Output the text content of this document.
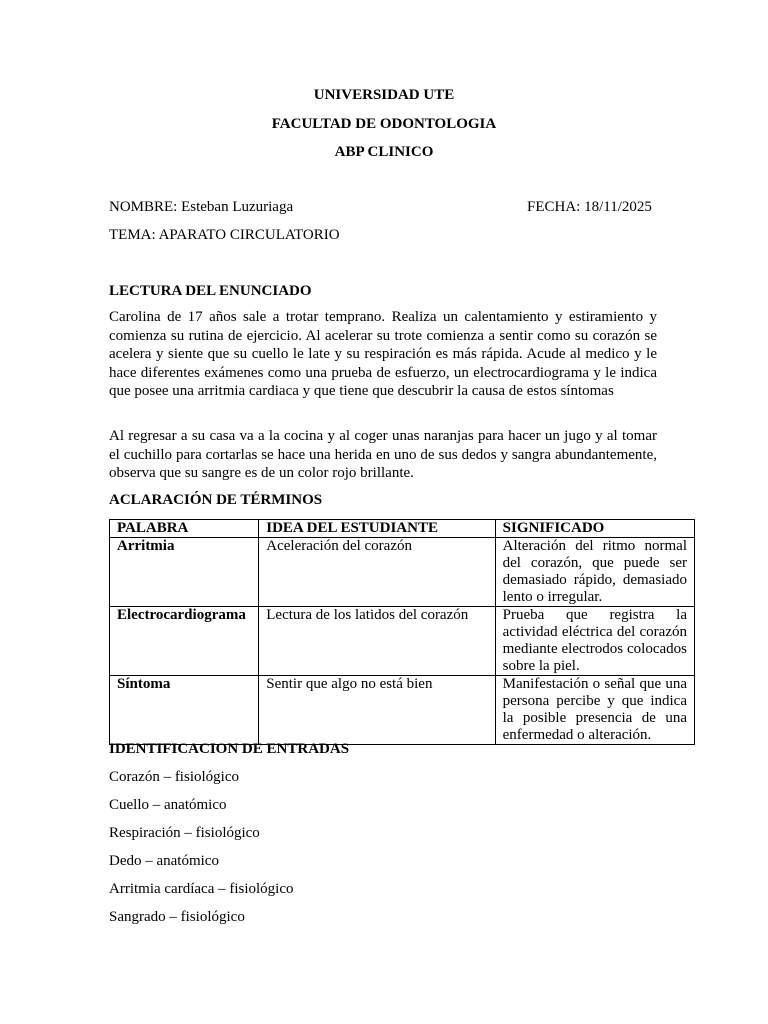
UNIVERSIDAD UTE
FACULTAD DE ODONTOLOGIA
ABP CLINICO
NOMBRE: Esteban Luzuriaga	FECHA: 18/11/2025
TEMA: APARATO CIRCULATORIO
LECTURA DEL ENUNCIADO
Carolina de 17 años sale a trotar temprano. Realiza un calentamiento y estiramiento y comienza su rutina de ejercicio. Al acelerar su trote comienza a sentir como su corazón se acelera y siente que su cuello le late y su respiración es más rápida. Acude al medico y le hace diferentes exámenes como una prueba de esfuerzo, un electrocardiograma y le indica que posee una arritmia cardiaca y que tiene que descubrir la causa de estos síntomas
Al regresar a su casa va a la cocina y al coger unas naranjas para hacer un jugo y al tomar el cuchillo para cortarlas se hace una herida en uno de sus dedos y sangra abundantemente, observa que su sangre es de un color rojo brillante.
ACLARACIÓN DE TÉRMINOS
PALABRA	IDEA DEL ESTUDIANTE	SIGNIFICADO
Arritmia	Aceleración del corazón	Alteración del ritmo normal del corazón, que puede ser demasiado rápido, demasiado lento o irregular.
Electrocardiograma	Lectura de los latidos del corazón	Prueba que registra la actividad eléctrica del corazón mediante electrodos colocados sobre la piel.
Síntoma	Sentir que algo no está bien	Manifestación o señal que una persona percibe y que indica la posible presencia de una enfermedad o alteración.
IDENTIFICACION DE ENTRADAS
Corazón – fisiológico
Cuello – anatómico
Respiración – fisiológico
Dedo – anatómico
Arritmia cardíaca – fisiológico
Sangrado – fisiológico
